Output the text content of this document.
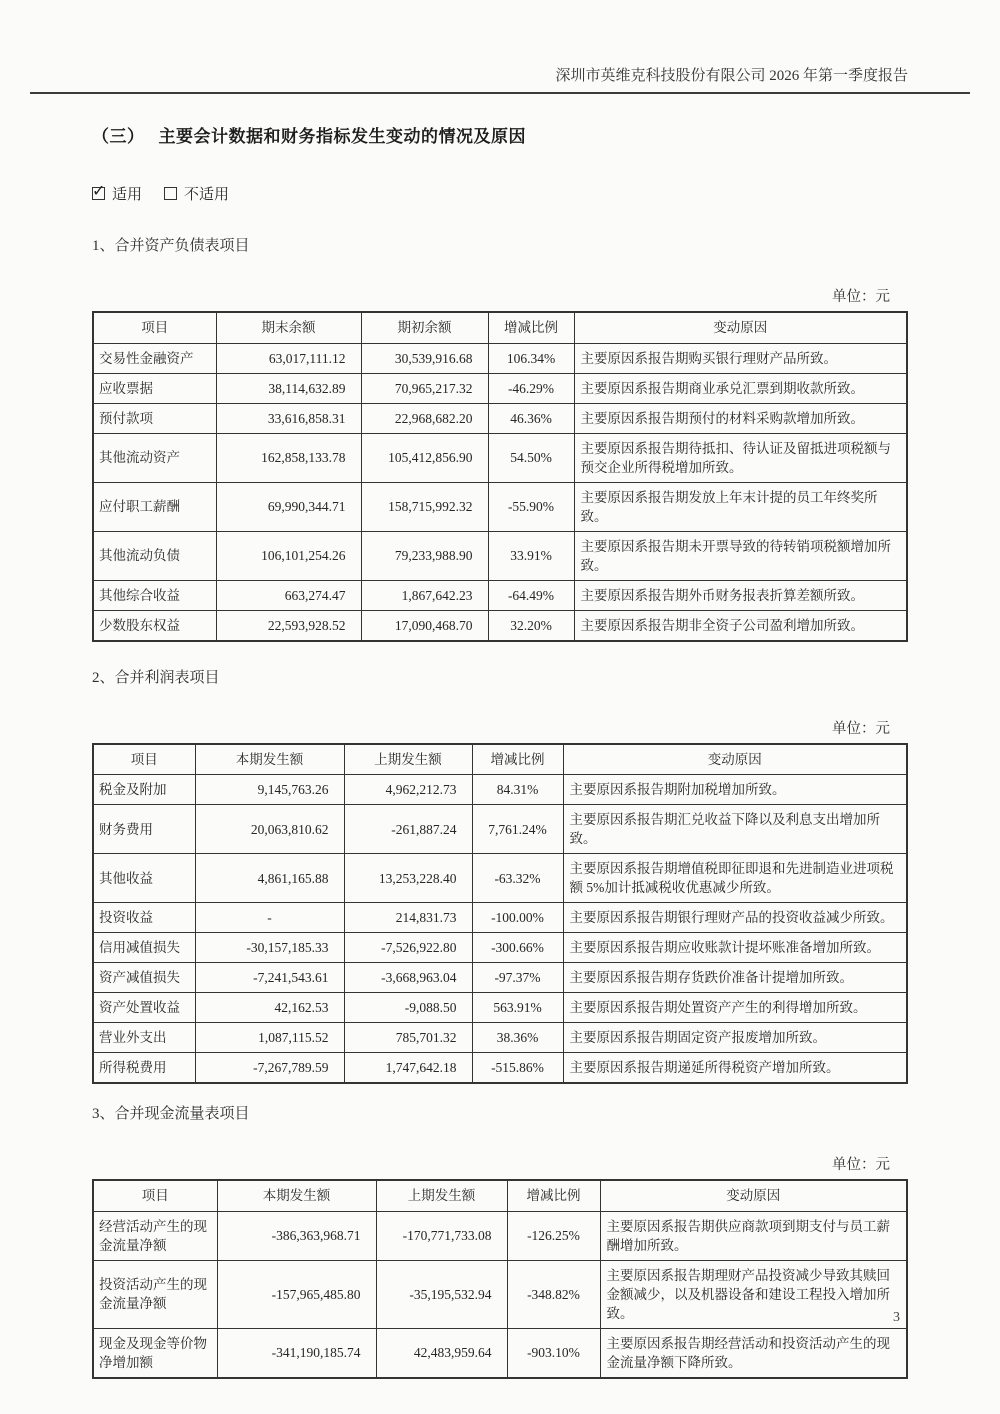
深圳市英维克科技股份有限公司 2026 年第一季度报告
（三） 主要会计数据和财务指标发生变动的情况及原因
✓ 适用	不适用
1、合并资产负债表项目
单位：元
项目	期末余额	期初余额	增减比例	变动原因
交易性金融资产	63,017,111.12	30,539,916.68	106.34%	主要原因系报告期购买银行理财产品所致。
应收票据	38,114,632.89	70,965,217.32	-46.29%	主要原因系报告期商业承兑汇票到期收款所致。
预付款项	33,616,858.31	22,968,682.20	46.36%	主要原因系报告期预付的材料采购款增加所致。
其他流动资产	162,858,133.78	105,412,856.90	54.50%	主要原因系报告期待抵扣、待认证及留抵进项税额与预交企业所得税增加所致。
应付职工薪酬	69,990,344.71	158,715,992.32	-55.90%	主要原因系报告期发放上年末计提的员工年终奖所致。
其他流动负债	106,101,254.26	79,233,988.90	33.91%	主要原因系报告期未开票导致的待转销项税额增加所致。
其他综合收益	663,274.47	1,867,642.23	-64.49%	主要原因系报告期外币财务报表折算差额所致。
少数股东权益	22,593,928.52	17,090,468.70	32.20%	主要原因系报告期非全资子公司盈利增加所致。
2、合并利润表项目
单位：元
项目	本期发生额	上期发生额	增减比例	变动原因
税金及附加	9,145,763.26	4,962,212.73	84.31%	主要原因系报告期附加税增加所致。
财务费用	20,063,810.62	-261,887.24	7,761.24%	主要原因系报告期汇兑收益下降以及利息支出增加所致。
其他收益	4,861,165.88	13,253,228.40	-63.32%	主要原因系报告期增值税即征即退和先进制造业进项税额 5%加计抵减税收优惠减少所致。
投资收益	-	214,831.73	-100.00%	主要原因系报告期银行理财产品的投资收益减少所致。
信用减值损失	-30,157,185.33	-7,526,922.80	-300.66%	主要原因系报告期应收账款计提坏账准备增加所致。
资产减值损失	-7,241,543.61	-3,668,963.04	-97.37%	主要原因系报告期存货跌价准备计提增加所致。
资产处置收益	42,162.53	-9,088.50	563.91%	主要原因系报告期处置资产产生的利得增加所致。
营业外支出	1,087,115.52	785,701.32	38.36%	主要原因系报告期固定资产报废增加所致。
所得税费用	-7,267,789.59	1,747,642.18	-515.86%	主要原因系报告期递延所得税资产增加所致。
3、合并现金流量表项目
单位：元
项目	本期发生额	上期发生额	增减比例	变动原因
经营活动产生的现金流量净额	-386,363,968.71	-170,771,733.08	-126.25%	主要原因系报告期供应商款项到期支付与员工薪酬增加所致。
投资活动产生的现金流量净额	-157,965,485.80	-35,195,532.94	-348.82%	主要原因系报告期理财产品投资减少导致其赎回金额减少，以及机器设备和建设工程投入增加所致。
现金及现金等价物净增加额	-341,190,185.74	42,483,959.64	-903.10%	主要原因系报告期经营活动和投资活动产生的现金流量净额下降所致。
3
